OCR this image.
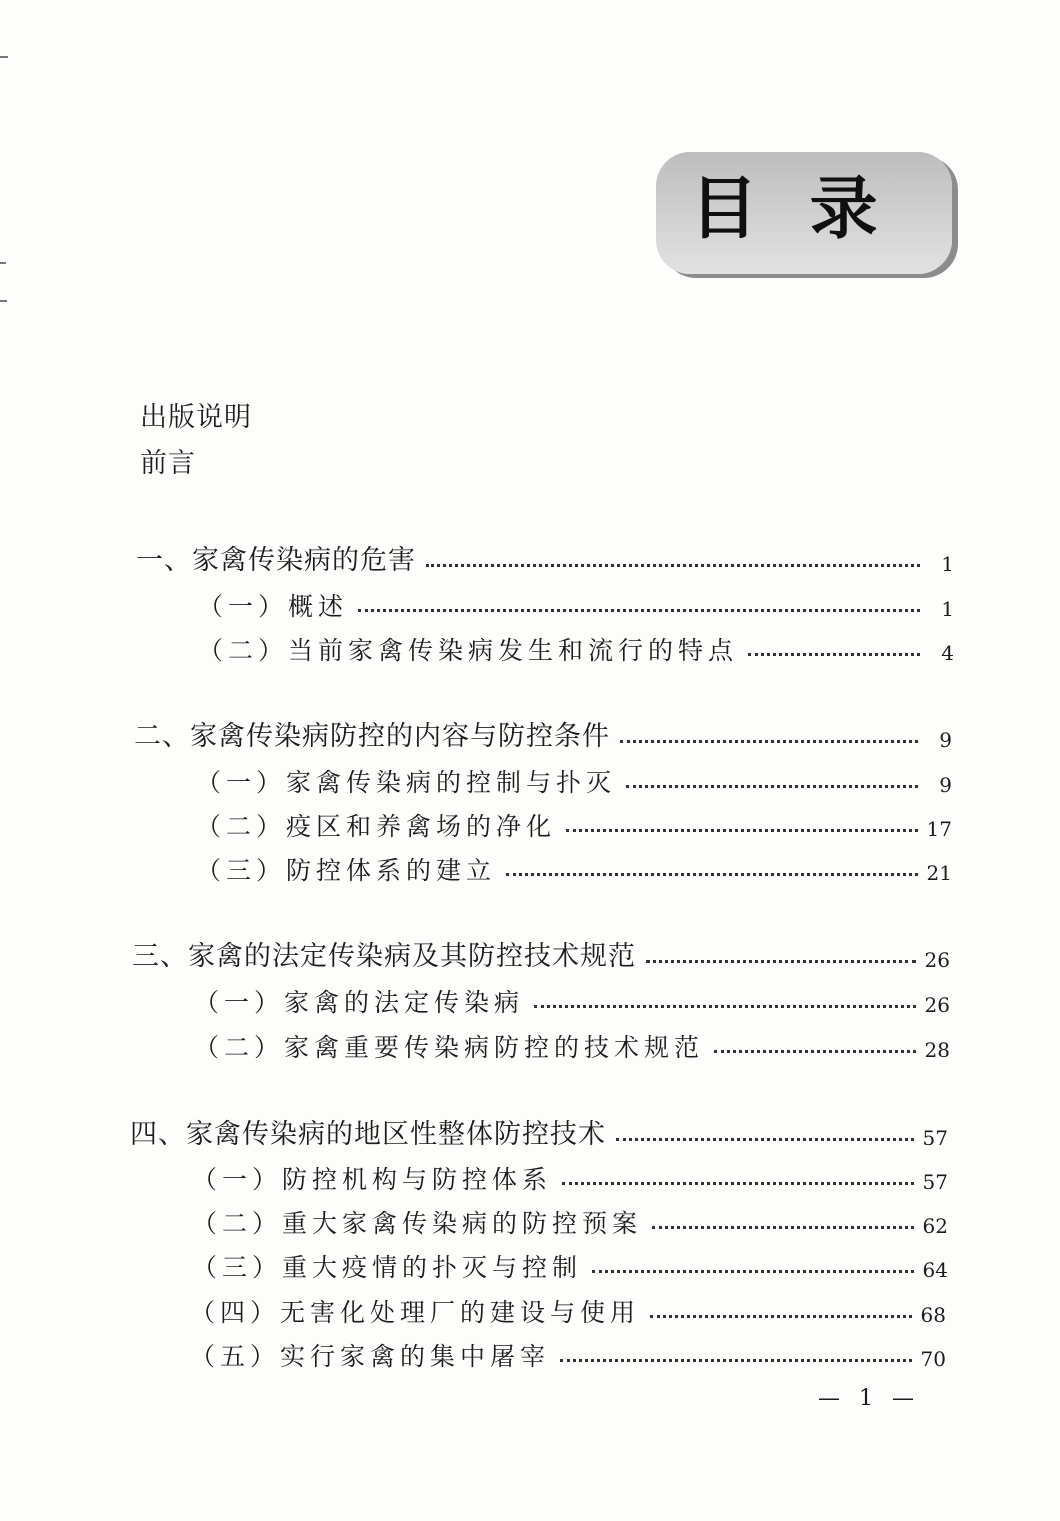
目 录
出版说明
前言
一、家禽传染病的危害	1
（一）概述	1
（二）当前家禽传染病发生和流行的特点	4
二、家禽传染病防控的内容与防控条件	9
（一）家禽传染病的控制与扑灭	9
（二）疫区和养禽场的净化	17
（三）防控体系的建立	21
三、家禽的法定传染病及其防控技术规范	26
（一）家禽的法定传染病	26
（二）家禽重要传染病防控的技术规范	28
四、家禽传染病的地区性整体防控技术	57
（一）防控机构与防控体系	57
（二）重大家禽传染病的防控预案	62
（三）重大疫情的扑灭与控制	64
（四）无害化处理厂的建设与使用	68
（五）实行家禽的集中屠宰	70
— 1 —
